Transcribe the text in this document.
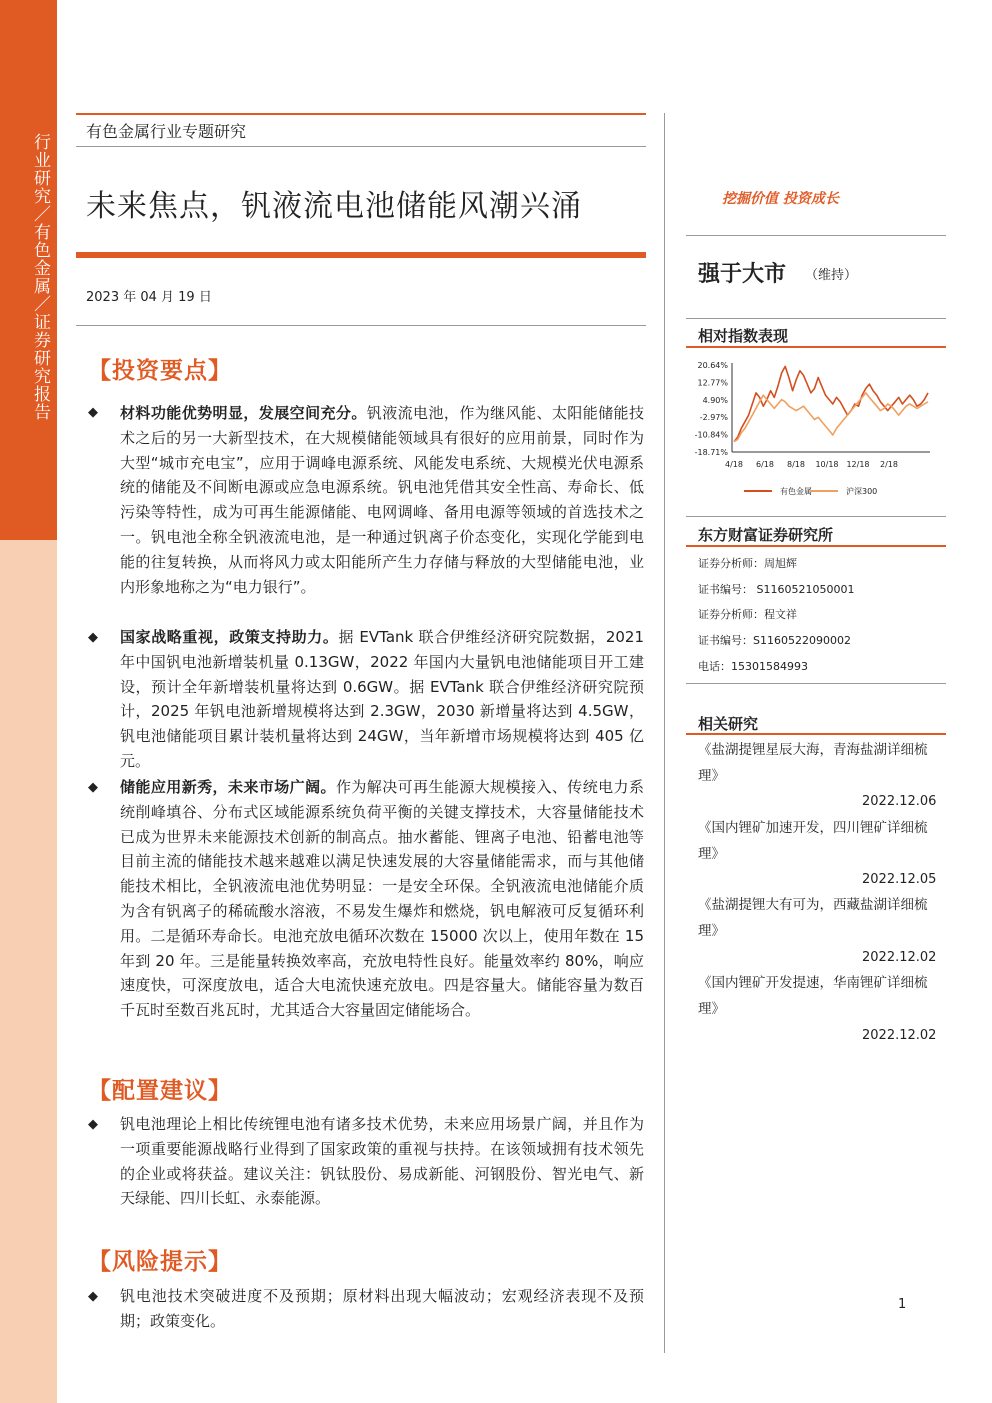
行业研究／有色金属／证券研究报告
有色金属行业专题研究
未来焦点，钒液流电池储能风潮兴涌
2023 年 04 月 19 日
【投资要点】
◆ 材料功能优势明显，发展空间充分。钒液流电池，作为继风能、太阳能储能技术之后的另一大新型技术，在大规模储能领域具有很好的应用前景，同时作为大型“城市充电宝”，应用于调峰电源系统、风能发电系统、大规模光伏电源系统的储能及不间断电源或应急电源系统。钒电池凭借其安全性高、寿命长、低污染等特性，成为可再生能源储能、电网调峰、备用电源等领域的首选技术之一。钒电池全称全钒液流电池，是一种通过钒离子价态变化，实现化学能到电能的往复转换，从而将风力或太阳能所产生力存储与释放的大型储能电池，业内形象地称之为“电力银行”。
◆ 国家战略重视，政策支持助力。据 EVTank 联合伊维经济研究院数据，2021 年中国钒电池新增装机量 0.13GW，2022 年国内大量钒电池储能项目开工建设，预计全年新增装机量将达到 0.6GW。据 EVTank 联合伊维经济研究院预计，2025 年钒电池新增规模将达到 2.3GW，2030 新增量将达到 4.5GW，钒电池储能项目累计装机量将达到 24GW，当年新增市场规模将达到 405 亿元。
◆ 储能应用新秀，未来市场广阔。作为解决可再生能源大规模接入、传统电力系统削峰填谷、分布式区域能源系统负荷平衡的关键支撑技术，大容量储能技术已成为世界未来能源技术创新的制高点。抽水蓄能、锂离子电池、铅蓄电池等目前主流的储能技术越来越难以满足快速发展的大容量储能需求，而与其他储能技术相比，全钒液流电池优势明显：一是安全环保。全钒液流电池储能介质为含有钒离子的稀硫酸水溶液，不易发生爆炸和燃烧，钒电解液可反复循环利用。二是循环寿命长。电池充放电循环次数在 15000 次以上，使用年数在 15 年到 20 年。三是能量转换效率高，充放电特性良好。能量效率约 80%，响应速度快，可深度放电，适合大电流快速充放电。四是容量大。储能容量为数百千瓦时至数百兆瓦时，尤其适合大容量固定储能场合。
【配置建议】
◆ 钒电池理论上相比传统锂电池有诸多技术优势，未来应用场景广阔，并且作为一项重要能源战略行业得到了国家政策的重视与扶持。在该领域拥有技术领先的企业或将获益。建议关注：钒钛股份、易成新能、河钢股份、智光电气、新天绿能、四川长虹、永泰能源。
【风险提示】
◆ 钒电池技术突破进度不及预期；原材料出现大幅波动；宏观经济表现不及预期；政策变化。
挖掘价值 投资成长
强于大市 （维持）
相对指数表现
20.64%
12.77%
4.90%
-2.97%
-10.84%
-18.71%
4/18 6/18 8/18 10/18 12/18 2/18
有色金属	沪深300
东方财富证券研究所
证券分析师：周旭辉
证书编号： S1160521050001
证券分析师：程文祥
证书编号：S1160522090002
电话：15301584993
相关研究
《盐湖提锂星辰大海，青海盐湖详细梳理》
2022.12.06
《国内锂矿加速开发，四川锂矿详细梳理》
2022.12.05
《盐湖提锂大有可为，西藏盐湖详细梳理》
2022.12.02
《国内锂矿开发提速，华南锂矿详细梳理》
2022.12.02
1
